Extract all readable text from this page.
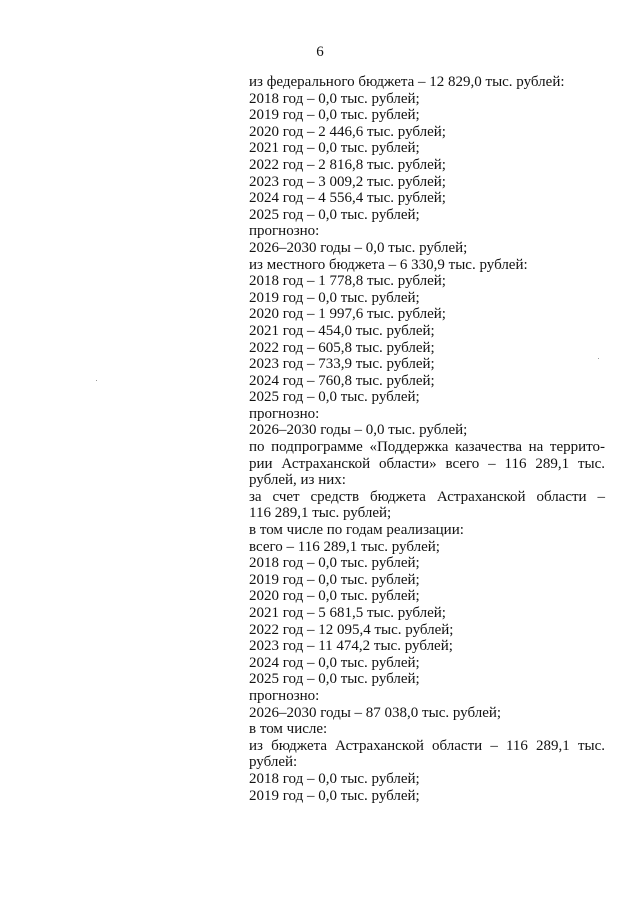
6
из федерального бюджета – 12 829,0 тыс. рублей:
2018 год – 0,0 тыс. рублей;
2019 год – 0,0 тыс. рублей;
2020 год – 2 446,6 тыс. рублей;
2021 год – 0,0 тыс. рублей;
2022 год – 2 816,8 тыс. рублей;
2023 год – 3 009,2 тыс. рублей;
2024 год – 4 556,4 тыс. рублей;
2025 год – 0,0 тыс. рублей;
прогнозно:
2026–2030 годы – 0,0 тыс. рублей;
из местного бюджета – 6 330,9 тыс. рублей:
2018 год – 1 778,8 тыс. рублей;
2019 год – 0,0 тыс. рублей;
2020 год – 1 997,6 тыс. рублей;
2021 год – 454,0 тыс. рублей;
2022 год – 605,8 тыс. рублей;
2023 год – 733,9 тыс. рублей;
2024 год – 760,8 тыс. рублей;
2025 год – 0,0 тыс. рублей;
прогнозно:
2026–2030 годы – 0,0 тыс. рублей;
по подпрограмме «Поддержка казачества на террито-
рии Астраханской области» всего – 116 289,1 тыс.
рублей, из них:
за счет средств бюджета Астраханской области –
116 289,1 тыс. рублей;
в том числе по годам реализации:
всего – 116 289,1 тыс. рублей;
2018 год – 0,0 тыс. рублей;
2019 год – 0,0 тыс. рублей;
2020 год – 0,0 тыс. рублей;
2021 год – 5 681,5 тыс. рублей;
2022 год – 12 095,4 тыс. рублей;
2023 год – 11 474,2 тыс. рублей;
2024 год – 0,0 тыс. рублей;
2025 год – 0,0 тыс. рублей;
прогнозно:
2026–2030 годы – 87 038,0 тыс. рублей;
в том числе:
из бюджета Астраханской области – 116 289,1 тыс.
рублей:
2018 год – 0,0 тыс. рублей;
2019 год – 0,0 тыс. рублей;
